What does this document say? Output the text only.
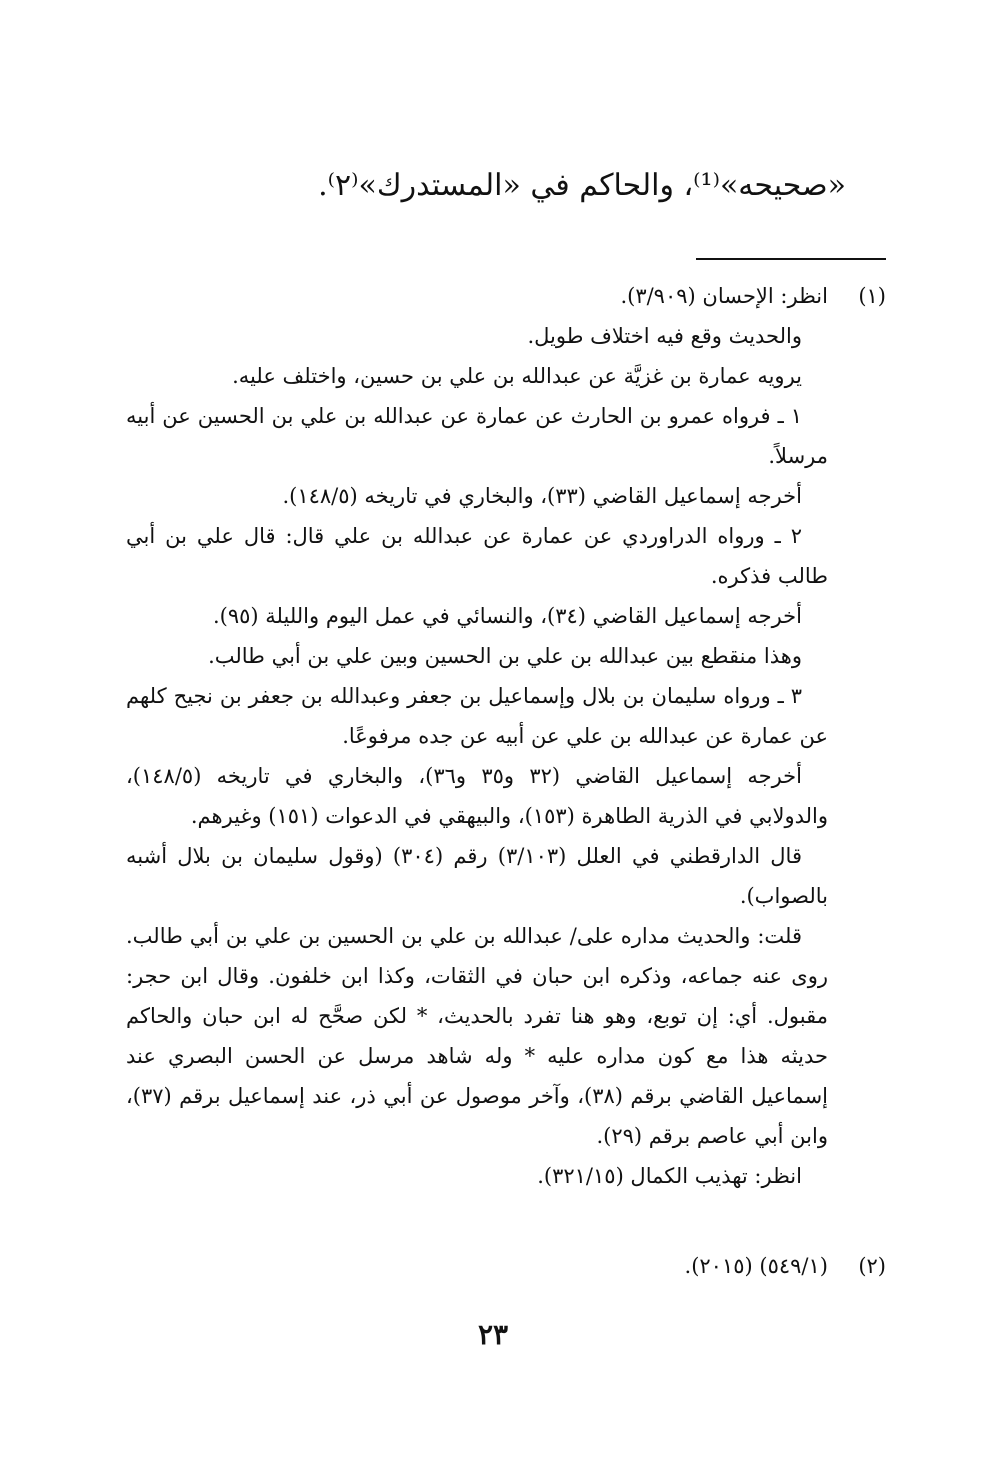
«صحيحه»⁽¹⁾، والحاكم في «المستدرك»⁽٢⁾.
(١)

انظر: الإحسان (٣/٩٠٩).

والحديث وقع فيه اختلاف طويل.

يرويه عمارة بن غزيَّة عن عبدالله بن علي بن حسين، واختلف عليه.

١ ـ فرواه عمرو بن الحارث عن عمارة عن عبدالله بن علي بن الحسين عن أبيه مرسلاً.

أخرجه إسماعيل القاضي (٣٣)، والبخاري في تاريخه (١٤٨/٥).

٢ ـ ورواه الدراوردي عن عمارة عن عبدالله بن علي قال: قال علي بن أبي طالب فذكره.

أخرجه إسماعيل القاضي (٣٤)، والنسائي في عمل اليوم والليلة (٩٥).

وهذا منقطع بين عبدالله بن علي بن الحسين وبين علي بن أبي طالب.

٣ ـ ورواه سليمان بن بلال وإسماعيل بن جعفر وعبدالله بن جعفر بن نجيح كلهم عن عمارة عن عبدالله بن علي عن أبيه عن جده مرفوعًا.

أخرجه إسماعيل القاضي (٣٢ و٣٥ و٣٦)، والبخاري في تاريخه (١٤٨/٥)، والدولابي في الذرية الطاهرة (١٥٣)، والبيهقي في الدعوات (١٥١) وغيرهم.

قال الدارقطني في العلل (٣/١٠٣) رقم (٣٠٤) (وقول سليمان بن بلال أشبه بالصواب).

قلت: والحديث مداره على/ عبدالله بن علي بن الحسين بن علي بن أبي طالب. روى عنه جماعه، وذكره ابن حبان في الثقات، وكذا ابن خلفون. وقال ابن حجر: مقبول. أي: إن توبع، وهو هنا تفرد بالحديث، * لكن صحَّح له ابن حبان والحاكم حديثه هذا مع كون مداره عليه * وله شاهد مرسل عن الحسن البصري عند إسماعيل القاضي برقم (٣٨)، وآخر موصول عن أبي ذر، عند إسماعيل برقم (٣٧)، وابن أبي عاصم برقم (٢٩).

انظر: تهذيب الكمال (٣٢١/١٥).

(٢)

(٥٤٩/١) (٢٠١٥).

٢٣
